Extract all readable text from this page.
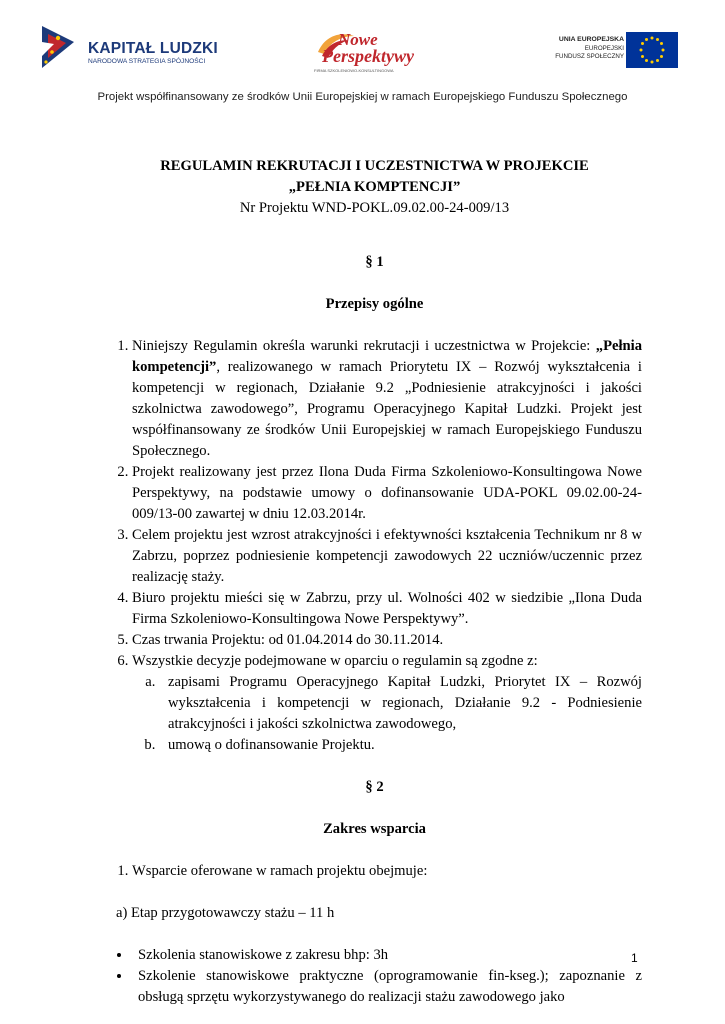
KAPITAŁ LUDZKI
NARODOWA STRATEGIA SPÓJNOŚCI
Nowe
Perspektywy
FIRMA SZKOLENIOWO-KONSULTINGOWA
UNIA EUROPEJSKA
EUROPEJSKI
FUNDUSZ SPOŁECZNY
Projekt współfinansowany ze środków Unii Europejskiej w ramach Europejskiego Funduszu Społecznego
REGULAMIN REKRUTACJI I UCZESTNICTWA W PROJEKCIE
„PEŁNIA KOMPTENCJI”
Nr Projektu WND-POKL.09.02.00-24-009/13
§ 1
Przepisy ogólne
1. Niniejszy Regulamin określa warunki rekrutacji i uczestnictwa w Projekcie: „Pełnia kompetencji”, realizowanego w ramach Priorytetu IX – Rozwój wykształcenia i kompetencji w regionach, Działanie 9.2 „Podniesienie atrakcyjności i jakości szkolnictwa zawodowego”, Programu Operacyjnego Kapitał Ludzki. Projekt jest współfinansowany ze środków Unii Europejskiej w ramach Europejskiego Funduszu Społecznego.
2. Projekt realizowany jest przez Ilona Duda Firma Szkoleniowo-Konsultingowa Nowe Perspektywy, na podstawie umowy o dofinansowanie UDA-POKL 09.02.00-24-009/13-00 zawartej w dniu 12.03.2014r.
3. Celem projektu jest wzrost atrakcyjności i efektywności kształcenia Technikum nr 8 w Zabrzu, poprzez podniesienie kompetencji zawodowych 22 uczniów/uczennic przez realizację staży.
4. Biuro projektu mieści się w Zabrzu, przy ul. Wolności 402 w siedzibie „Ilona Duda Firma Szkoleniowo-Konsultingowa Nowe Perspektywy”.
5. Czas trwania Projektu: od 01.04.2014 do 30.11.2014.
6. Wszystkie decyzje podejmowane w oparciu o regulamin są zgodne z:
a. zapisami Programu Operacyjnego Kapitał Ludzki, Priorytet IX – Rozwój wykształcenia i kompetencji w regionach, Działanie 9.2 - Podniesienie atrakcyjności i jakości szkolnictwa zawodowego,
b. umową o dofinansowanie Projektu.
§ 2
Zakres wsparcia
1. Wsparcie oferowane w ramach projektu obejmuje:

a) Etap przygotowawczy stażu – 11 h

• Szkolenia stanowiskowe z zakresu bhp: 3h
• Szkolenie stanowiskowe praktyczne (oprogramowanie fin-kseg.); zapoznanie z obsługą sprzętu wykorzystywanego do realizacji stażu zawodowego jako
1
